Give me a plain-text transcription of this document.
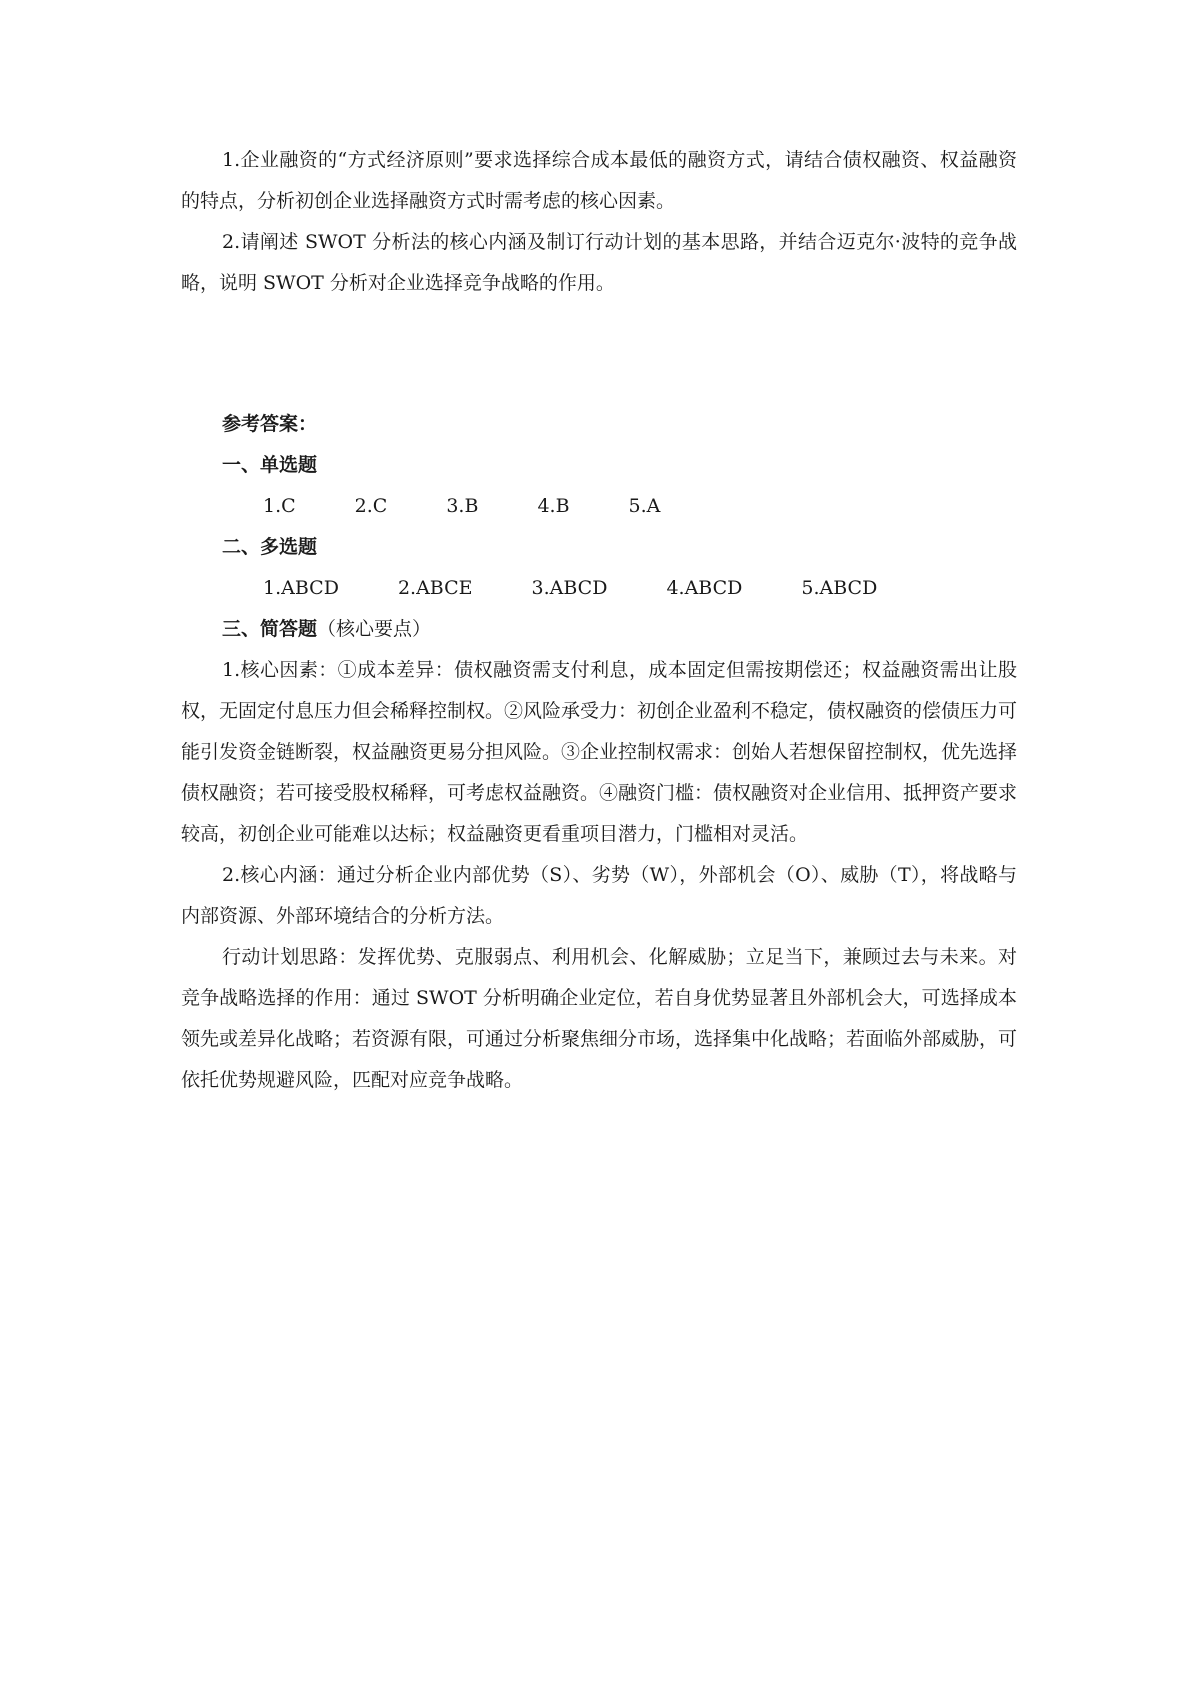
1.企业融资的“方式经济原则”要求选择综合成本最低的融资方式，请结合债权融资、权益融资的特点，分析初创企业选择融资方式时需考虑的核心因素。

2.请阐述 SWOT 分析法的核心内涵及制订行动计划的基本思路，并结合迈克尔·波特的竞争战略，说明 SWOT 分析对企业选择竞争战略的作用。

参考答案：

一、单选题

1.C	2.C	3.B	4.B	5.A

二、多选题

1.ABCD	2.ABCE	3.ABCD	4.ABCD	5.ABCD

三、简答题（核心要点）

1.核心因素：①成本差异：债权融资需支付利息，成本固定但需按期偿还；权益融资需出让股权，无固定付息压力但会稀释控制权。②风险承受力：初创企业盈利不稳定，债权融资的偿债压力可能引发资金链断裂，权益融资更易分担风险。③企业控制权需求：创始人若想保留控制权，优先选择债权融资；若可接受股权稀释，可考虑权益融资。④融资门槛：债权融资对企业信用、抵押资产要求较高，初创企业可能难以达标；权益融资更看重项目潜力，门槛相对灵活。

2.核心内涵：通过分析企业内部优势（S）、劣势（W），外部机会（O）、威胁（T），将战略与内部资源、外部环境结合的分析方法。

行动计划思路：发挥优势、克服弱点、利用机会、化解威胁；立足当下，兼顾过去与未来。对竞争战略选择的作用：通过 SWOT 分析明确企业定位，若自身优势显著且外部机会大，可选择成本领先或差异化战略；若资源有限，可通过分析聚焦细分市场，选择集中化战略；若面临外部威胁，可依托优势规避风险，匹配对应竞争战略。
